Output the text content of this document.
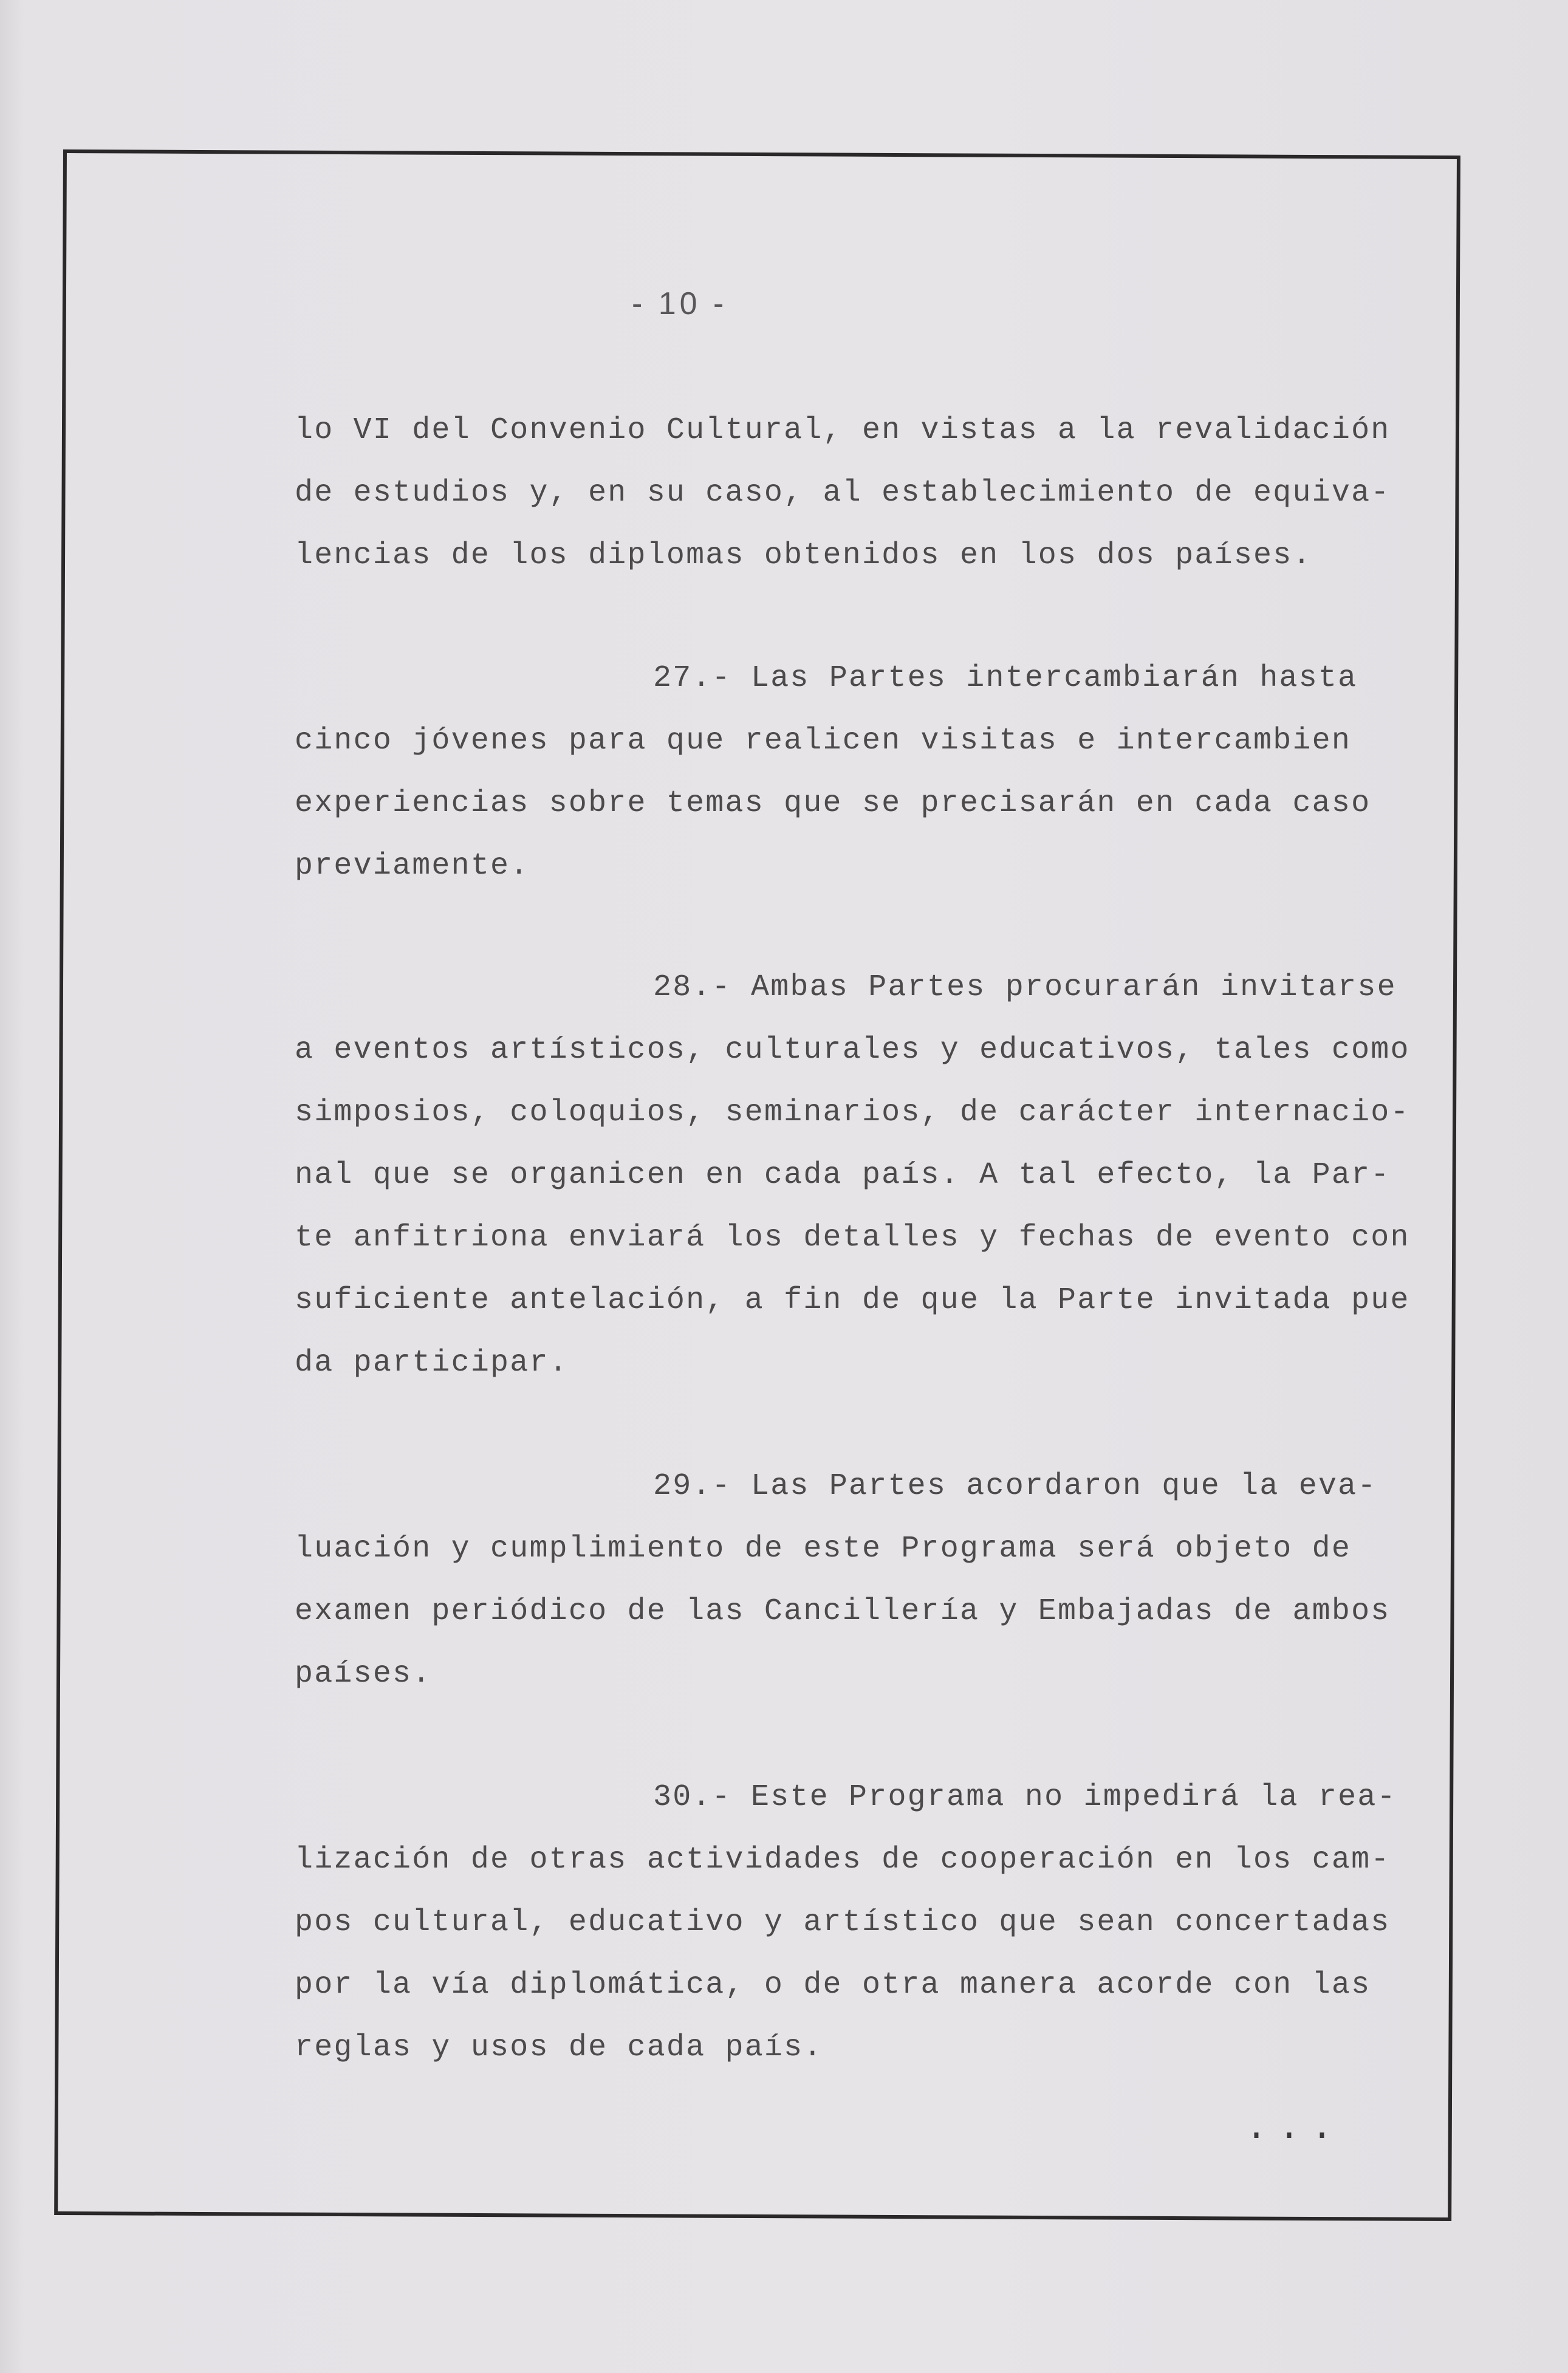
- 10 -
lo VI del Convenio Cultural, en vistas a la revalidación
de estudios y, en su caso, al establecimiento de equiva-
lencias de los diplomas obtenidos en los dos países.
27.- Las Partes intercambiarán hasta
cinco jóvenes para que realicen visitas e intercambien
experiencias sobre temas que se precisarán en cada caso
previamente.
28.- Ambas Partes procurarán invitarse
a eventos artísticos, culturales y educativos, tales como
simposios, coloquios, seminarios, de carácter internacio-
nal que se organicen en cada país. A tal efecto, la Par-
te anfitriona enviará los detalles y fechas de evento con
suficiente antelación, a fin de que la Parte invitada pue
da participar.
29.- Las Partes acordaron que la eva-
luación y cumplimiento de este Programa será objeto de
examen periódico de las Cancillería y Embajadas de ambos
países.
30.- Este Programa no impedirá la rea-
lización de otras actividades de cooperación en los cam-
pos cultural, educativo y artístico que sean concertadas
por la vía diplomática, o de otra manera acorde con las
reglas y usos de cada país.
...
